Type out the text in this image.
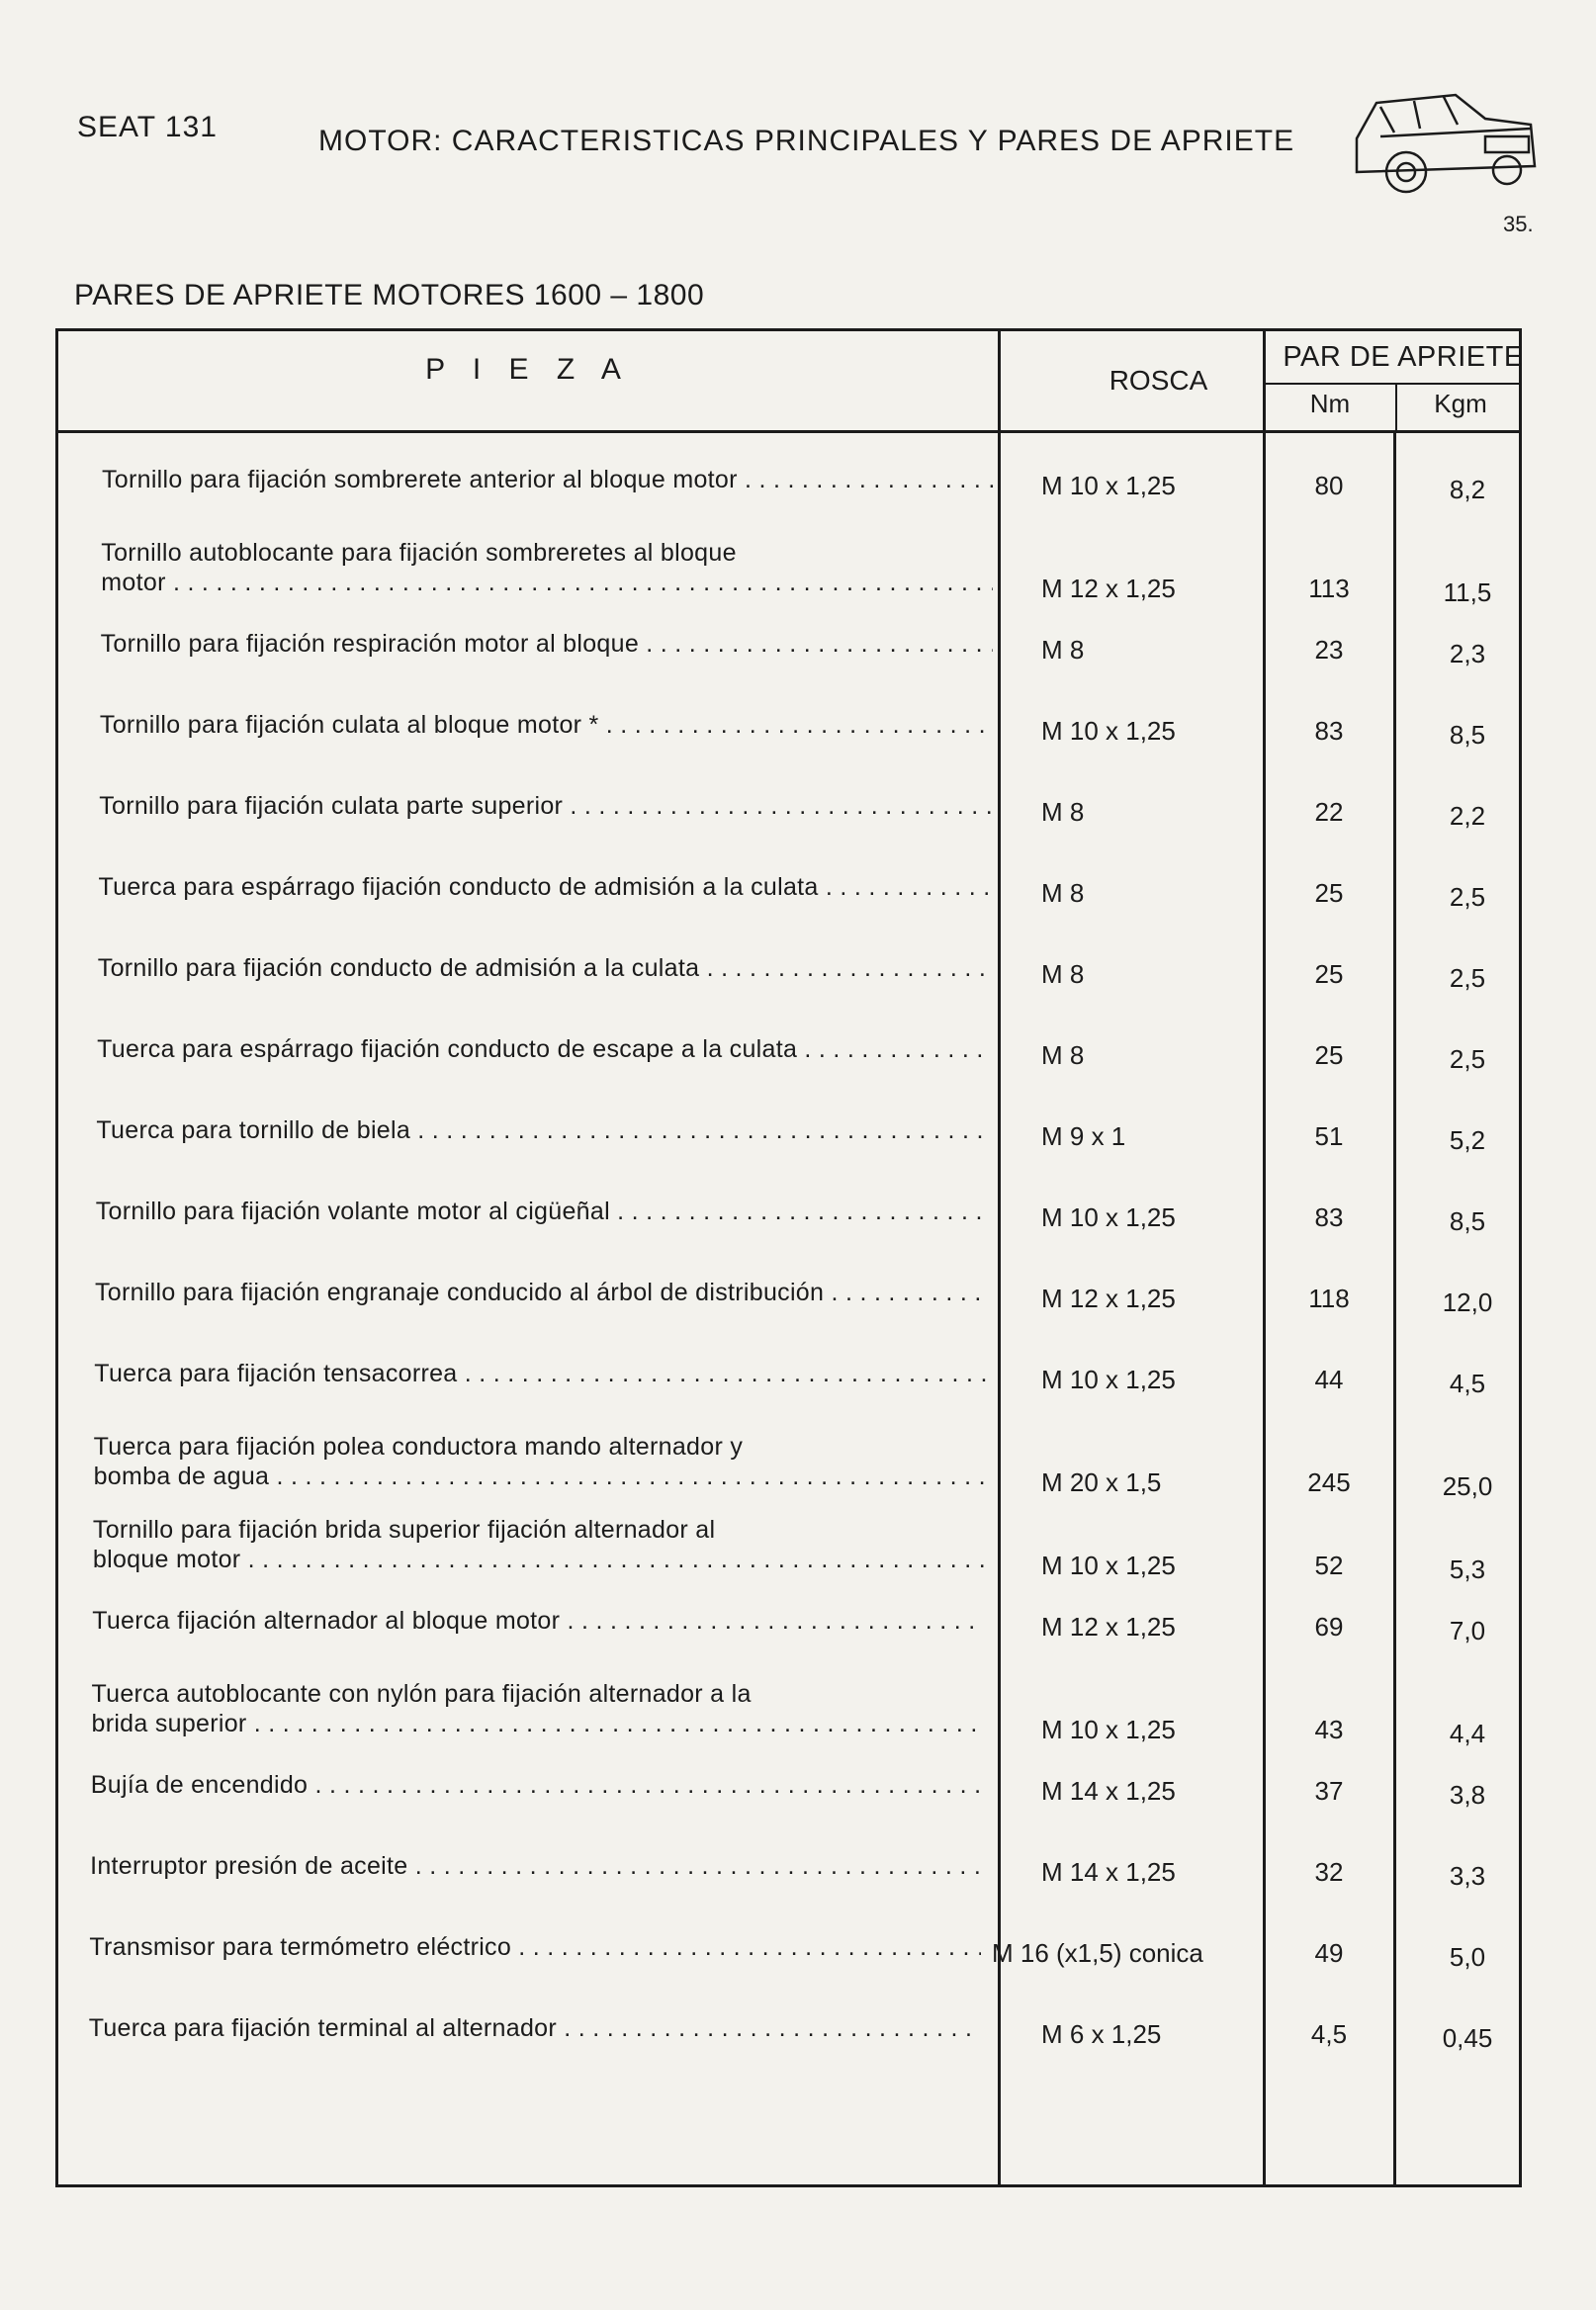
SEAT 131	MOTOR: CARACTERISTICAS PRINCIPALES Y PARES DE APRIETE
35.
PARES DE APRIETE MOTORES 1600 – 1800
P I E Z A	ROSCA
PAR DE APRIETE
Nm	Kgm
Tornillo para fijación sombrerete anterior al bloque motor . . .	M 10 x 1,25	80	8,2
Tornillo autoblocante para fijación sombreretes al bloque
motor . . .	M 12 x 1,25	113	11,5
Tornillo para fijación respiración motor al bloque . . .	M 8	23	2,3
Tornillo para fijación culata al bloque motor * . . .	M 10 x 1,25	83	8,5
Tornillo para fijación culata parte superior . . .	M 8	22	2,2
Tuerca para espárrago fijación conducto de admisión a la culata . . .	M 8	25	2,5
Tornillo para fijación conducto de admisión a la culata . . .	M 8	25	2,5
Tuerca para espárrago fijación conducto de escape a la culata . . .	M 8	25	2,5
Tuerca para tornillo de biela . . .	M 9 x 1	51	5,2
Tornillo para fijación volante motor al cigüeñal . . .	M 10 x 1,25	83	8,5
Tornillo para fijación engranaje conducido al árbol de distribución . . .	M 12 x 1,25	118	12,0
Tuerca para fijación tensacorrea . . .	M 10 x 1,25	44	4,5
Tuerca para fijación polea conductora mando alternador y
bomba de agua . . .	M 20 x 1,5	245	25,0
Tornillo para fijación brida superior fijación alternador al
bloque motor . . .	M 10 x 1,25	52	5,3
Tuerca fijación alternador al bloque motor . . .	M 12 x 1,25	69	7,0
Tuerca autoblocante con nylón para fijación alternador a la
brida superior . . .	M 10 x 1,25	43	4,4
Bujía de encendido . . .	M 14 x 1,25	37	3,8
Interruptor presión de aceite . . .	M 14 x 1,25	32	3,3
Transmisor para termómetro eléctrico . . .	M 16 (x1,5) conica	49	5,0
Tuerca para fijación terminal al alternador . . .	M 6 x 1,25	4,5	0,45
